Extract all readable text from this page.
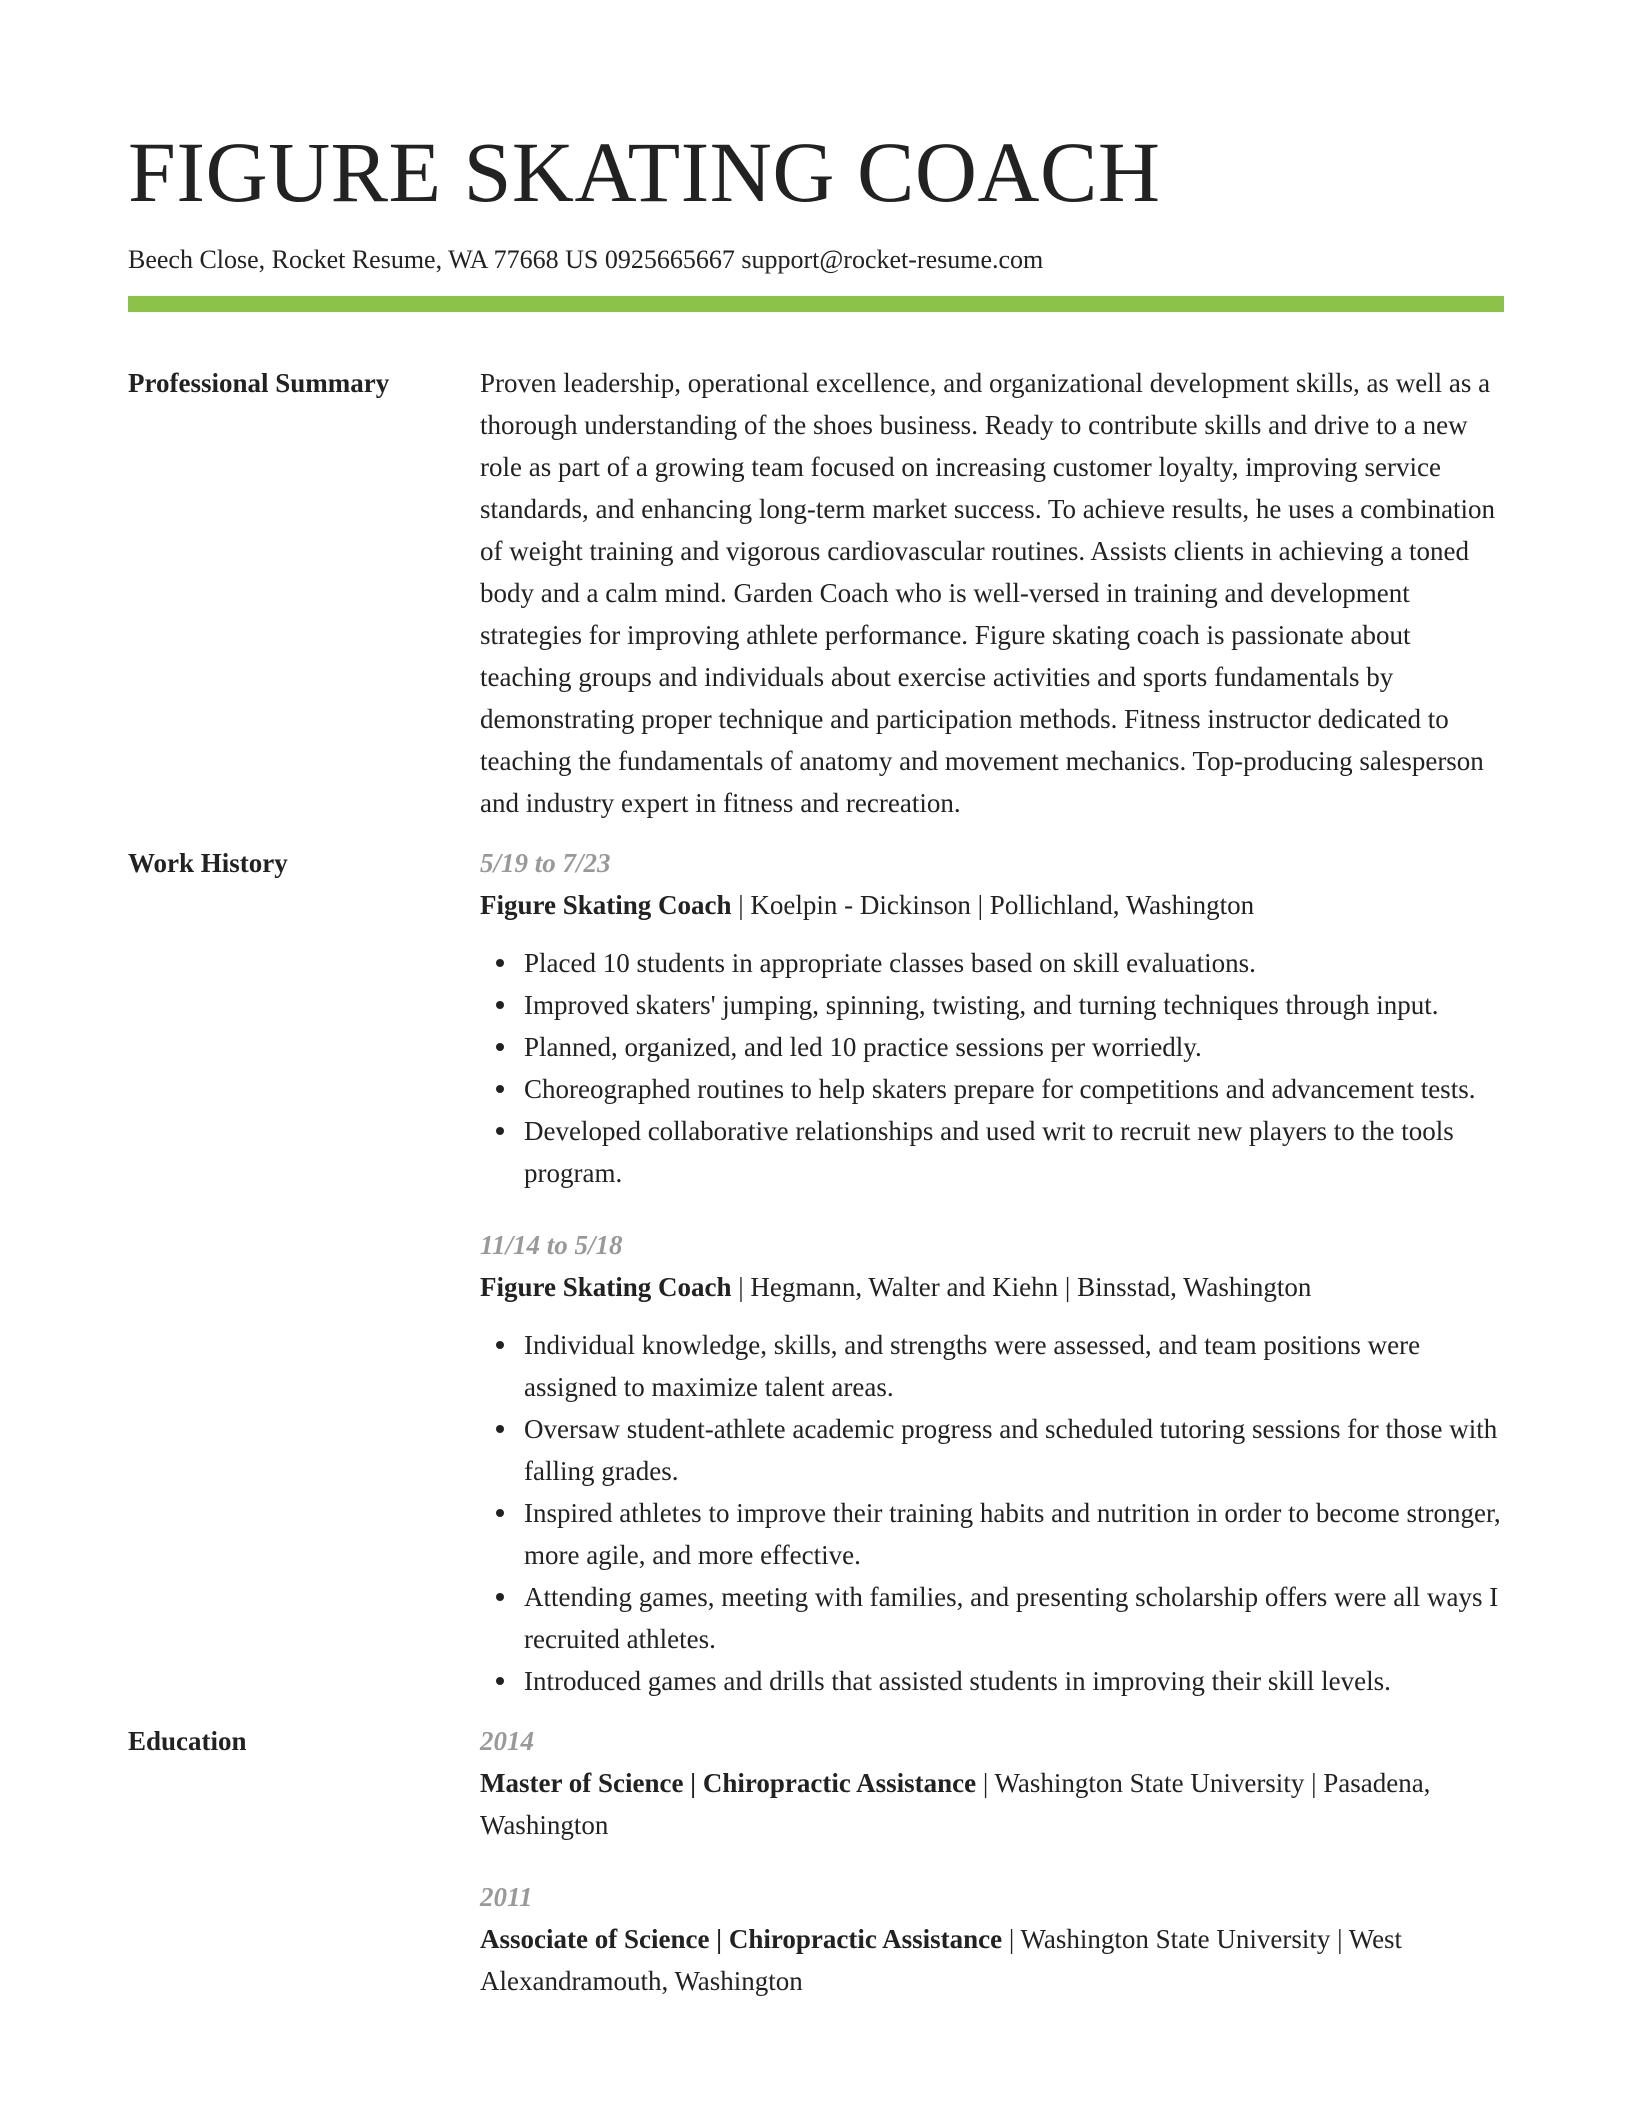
FIGURE SKATING COACH
Beech Close, Rocket Resume, WA 77668 US 0925665667 support@rocket-resume.com
Professional Summary	Proven leadership, operational excellence, and organizational development skills, as well as a thorough understanding of the shoes business. Ready to contribute skills and drive to a new role as part of a growing team focused on increasing customer loyalty, improving service standards, and enhancing long-term market success. To achieve results, he uses a combination of weight training and vigorous cardiovascular routines. Assists clients in achieving a toned body and a calm mind. Garden Coach who is well-versed in training and development strategies for improving athlete performance. Figure skating coach is passionate about teaching groups and individuals about exercise activities and sports fundamentals by demonstrating proper technique and participation methods. Fitness instructor dedicated to teaching the fundamentals of anatomy and movement mechanics. Top-producing salesperson and industry expert in fitness and recreation.

Work History	5/19 to 7/23
Figure Skating Coach | Koelpin - Dickinson | Pollichland, Washington
Placed 10 students in appropriate classes based on skill evaluations.
Improved skaters' jumping, spinning, twisting, and turning techniques through input.
Planned, organized, and led 10 practice sessions per worriedly.
Choreographed routines to help skaters prepare for competitions and advancement tests.
Developed collaborative relationships and used writ to recruit new players to the tools program.
11/14 to 5/18
Figure Skating Coach | Hegmann, Walter and Kiehn | Binsstad, Washington
Individual knowledge, skills, and strengths were assessed, and team positions were assigned to maximize talent areas.
Oversaw student-athlete academic progress and scheduled tutoring sessions for those with falling grades.
Inspired athletes to improve their training habits and nutrition in order to become stronger, more agile, and more effective.
Attending games, meeting with families, and presenting scholarship offers were all ways I recruited athletes.
Introduced games and drills that assisted students in improving their skill levels.
Education	2014
Master of Science | Chiropractic Assistance | Washington State University | Pasadena, Washington
2011
Associate of Science | Chiropractic Assistance | Washington State University | West Alexandramouth, Washington
